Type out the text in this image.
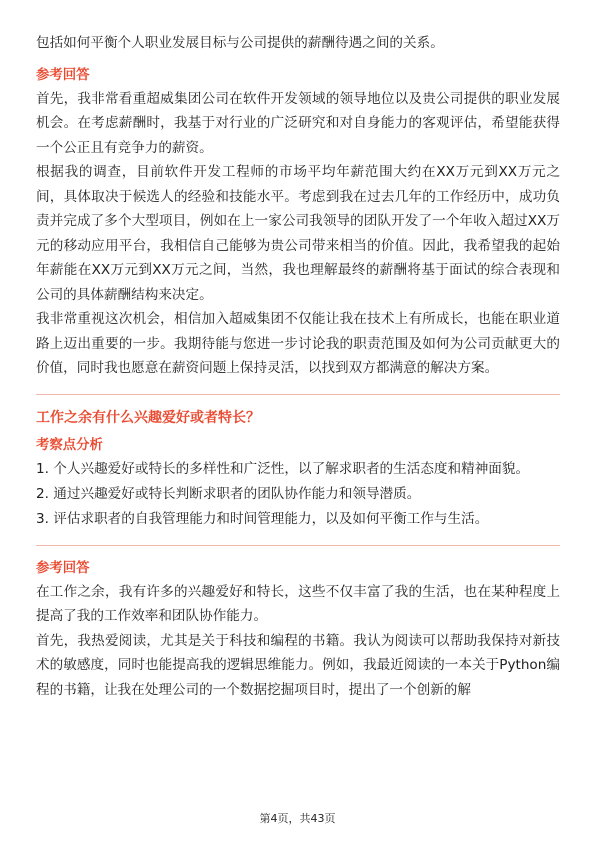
包括如何平衡个人职业发展目标与公司提供的薪酬待遇之间的关系。

参考回答

首先，我非常看重超威集团公司在软件开发领域的领导地位以及贵公司提供的职业发展机会。在考虑薪酬时，我基于对行业的广泛研究和对自身能力的客观评估，希望能获得一个公正且有竞争力的薪资。

根据我的调查，目前软件开发工程师的市场平均年薪范围大约在XX万元到XX万元之间，具体取决于候选人的经验和技能水平。考虑到我在过去几年的工作经历中，成功负责并完成了多个大型项目，例如在上一家公司我领导的团队开发了一个年收入超过XX万元的移动应用平台，我相信自己能够为贵公司带来相当的价值。因此，我希望我的起始年薪能在XX万元到XX万元之间，当然，我也理解最终的薪酬将基于面试的综合表现和公司的具体薪酬结构来决定。

我非常重视这次机会，相信加入超威集团不仅能让我在技术上有所成长，也能在职业道路上迈出重要的一步。我期待能与您进一步讨论我的职责范围及如何为公司贡献更大的价值，同时我也愿意在薪资问题上保持灵活，以找到双方都满意的解决方案。

工作之余有什么兴趣爱好或者特长？
考察点分析
1. 个人兴趣爱好或特长的多样性和广泛性，以了解求职者的生活态度和精神面貌。
2. 通过兴趣爱好或特长判断求职者的团队协作能力和领导潜质。
3. 评估求职者的自我管理能力和时间管理能力，以及如何平衡工作与生活。
参考回答

在工作之余，我有许多的兴趣爱好和特长，这些不仅丰富了我的生活，也在某种程度上提高了我的工作效率和团队协作能力。

首先，我热爱阅读，尤其是关于科技和编程的书籍。我认为阅读可以帮助我保持对新技术的敏感度，同时也能提高我的逻辑思维能力。例如，我最近阅读的一本关于Python编程的书籍，让我在处理公司的一个数据挖掘项目时，提出了一个创新的解

第4页，共43页
